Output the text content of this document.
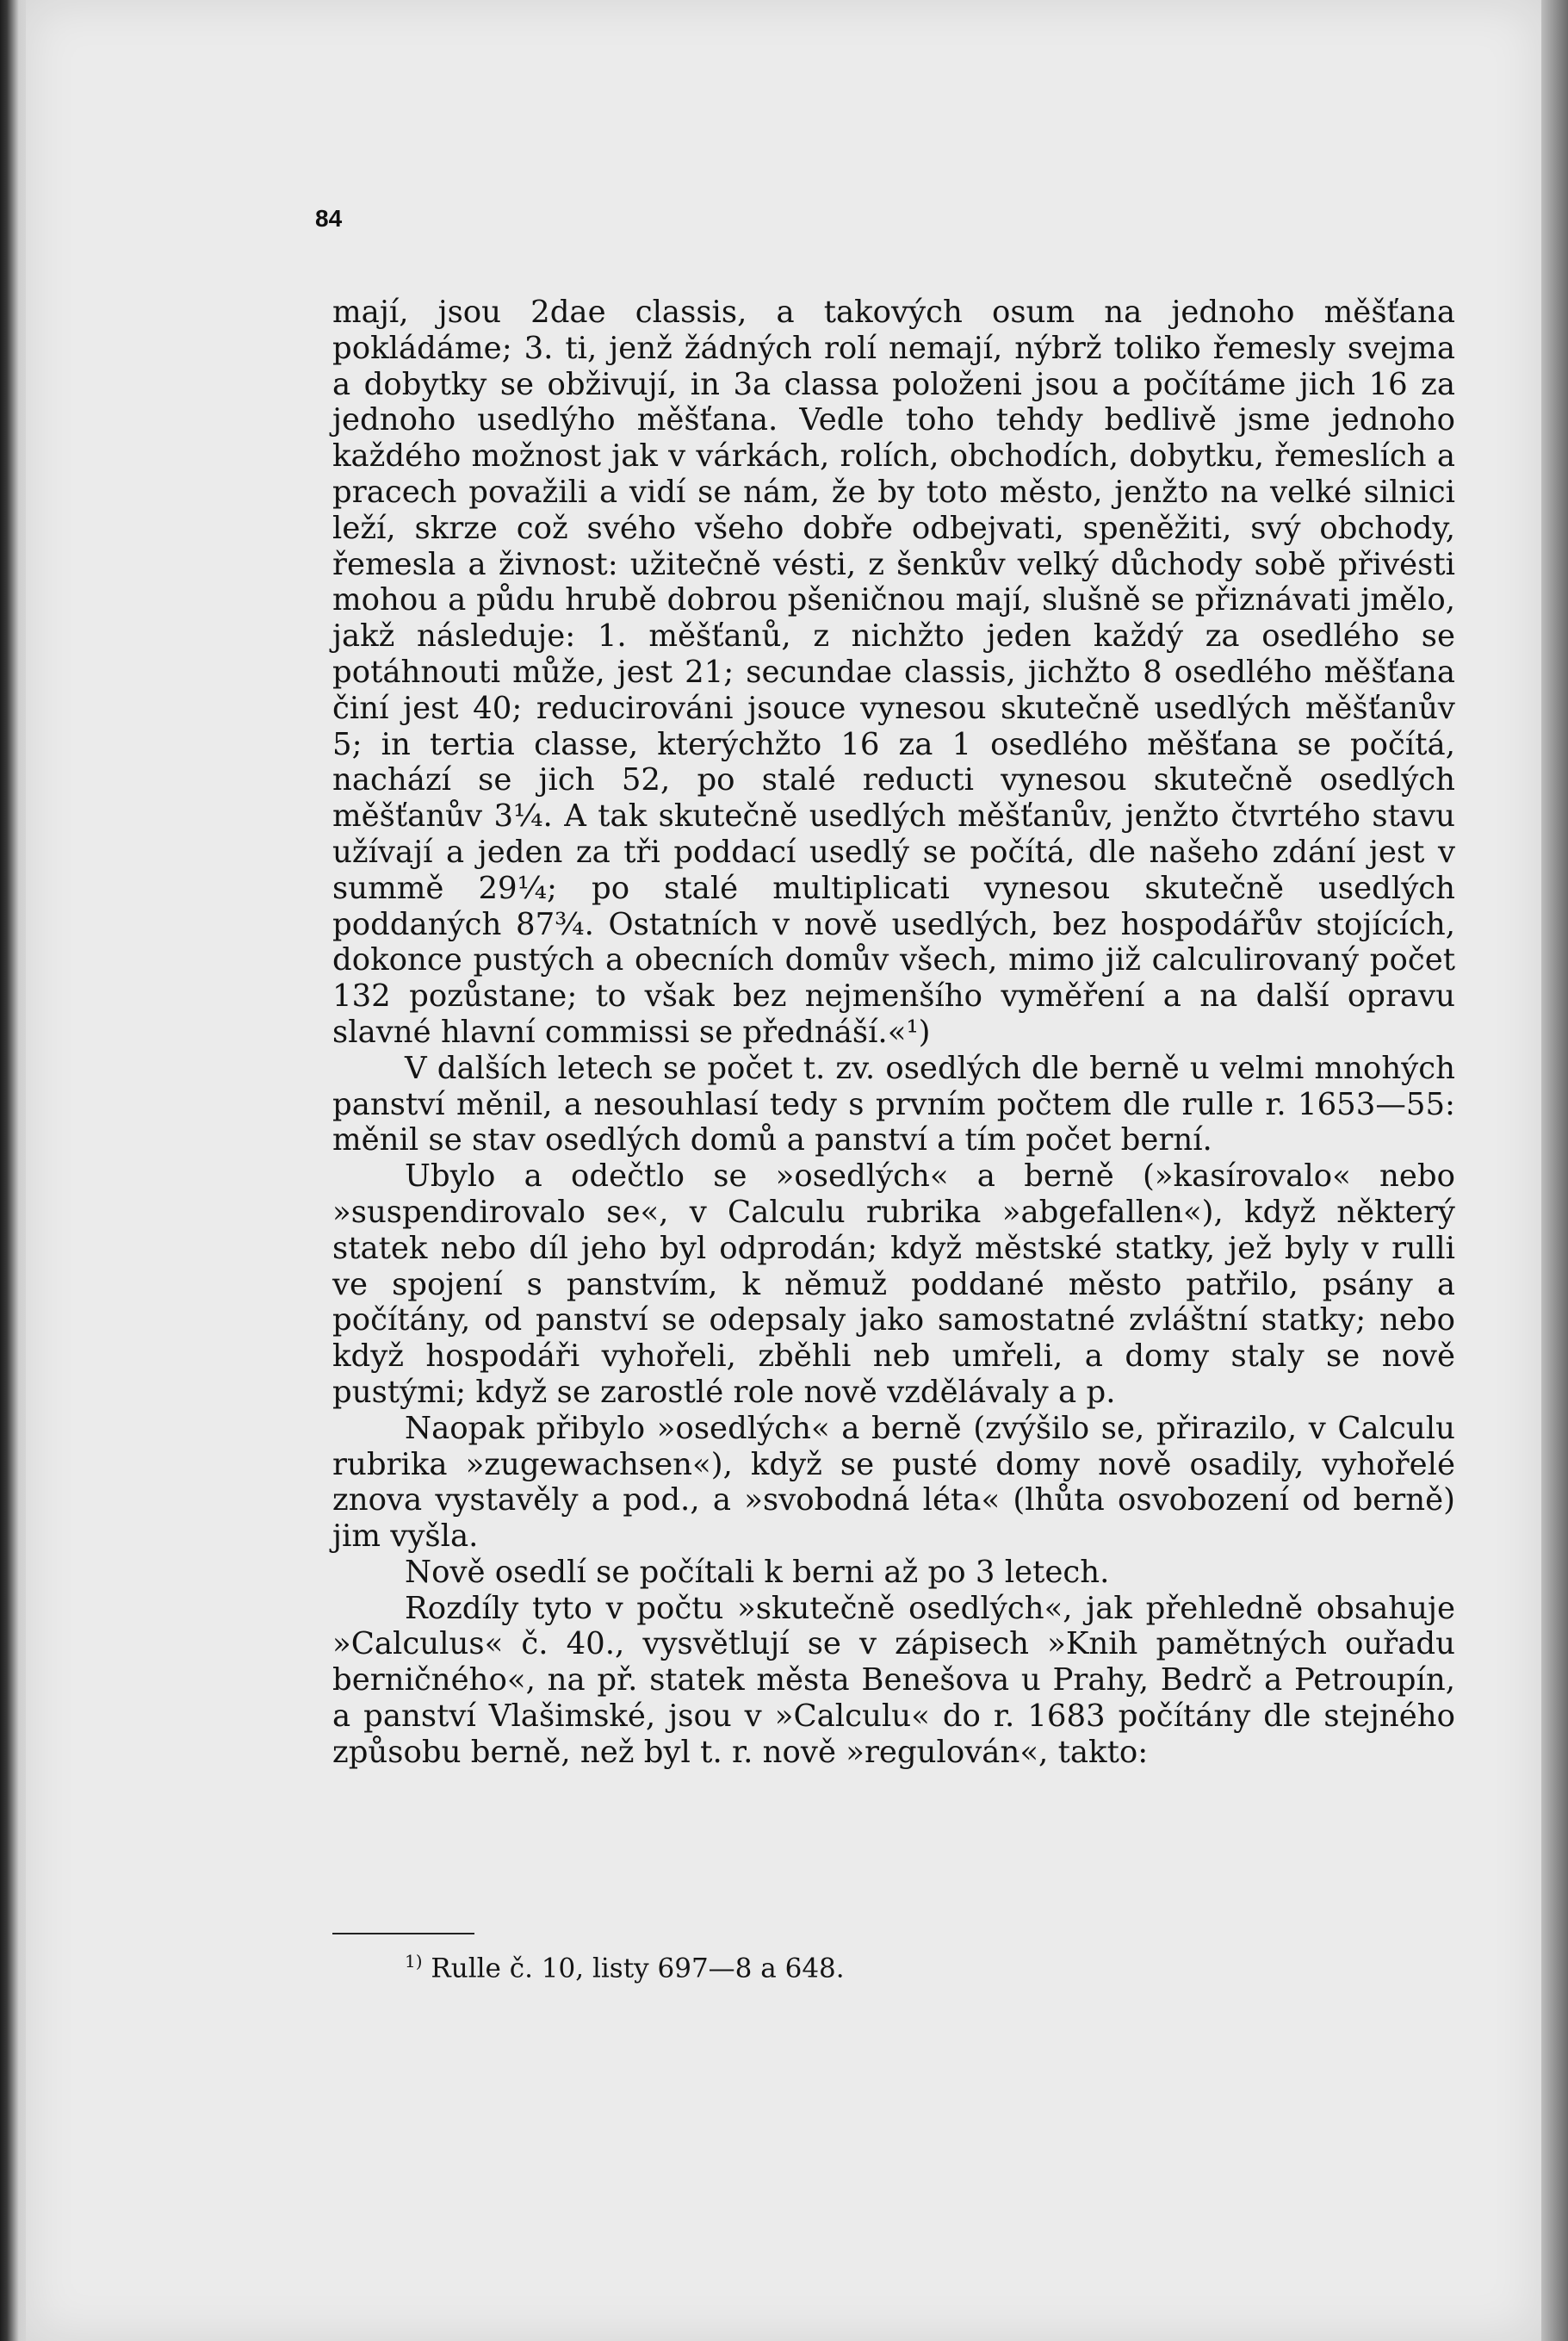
84

mají, jsou 2dae classis, a takových osum na jednoho měšťana pokládáme; 3. ti, jenž žádných rolí nemají, nýbrž toliko řemesly svejma a dobytky se obživují, in 3a classa položeni jsou a počítáme jich 16 za jednoho usedlýho měšťana. Vedle toho tehdy bedlivě jsme jednoho každého možnost jak v várkách, rolích, obchodích, dobytku, řemeslích a pracech považili a vidí se nám, že by toto město, jenžto na velké silnici leží, skrze což svého všeho dobře odbejvati, speněžiti, svý obchody, řemesla a živnost: užitečně vésti, z šenkův velký důchody sobě přivésti mohou a půdu hrubě dobrou pšeničnou mají, slušně se přiznávati jmělo, jakž následuje: 1. měšťanů, z nichžto jeden každý za osedlého se potáhnouti může, jest 21; secundae classis, jichžto 8 osedlého měšťana činí jest 40; reducirováni jsouce vynesou skutečně usedlých měšťanův 5; in tertia classe, kterýchžto 16 za 1 osedlého měšťana se počítá, nachází se jich 52, po stalé reducti vynesou skutečně osedlých měšťanův 3¼. A tak skutečně usedlých měšťanův, jenžto čtvrtého stavu užívají a jeden za tři poddací usedlý se počítá, dle našeho zdání jest v summě 29¼; po stalé multiplicati vynesou skutečně usedlých poddaných 87¾. Ostatních v nově usedlých, bez hospodářův stojících, dokonce pustých a obecních domův všech, mimo již calculirovaný počet 132 pozůstane; to však bez nejmenšího vyměření a na další opravu slavné hlavní commissi se přednáší.«¹)

V dalších letech se počet t. zv. osedlých dle berně u velmi mnohých panství měnil, a nesouhlasí tedy s prvním počtem dle rulle r. 1653—55: měnil se stav osedlých domů a panství a tím počet berní.

Ubylo a odečtlo se »osedlých« a berně (»kasírovalo« nebo »suspendirovalo se«, v Calculu rubrika »abgefallen«), když některý statek nebo díl jeho byl odprodán; když městské statky, jež byly v rulli ve spojení s panstvím, k němuž poddané město patřilo, psány a počítány, od panství se odepsaly jako samostatné zvláštní statky; nebo když hospodáři vyhořeli, zběhli neb umřeli, a domy staly se nově pustými; když se zarostlé role nově vzdělávaly a p.

Naopak přibylo »osedlých« a berně (zvýšilo se, přirazilo, v Calculu rubrika »zugewachsen«), když se pusté domy nově osadily, vyhořelé znova vystavěly a pod., a »svobodná léta« (lhůta osvobození od berně) jim vyšla.

Nově osedlí se počítali k berni až po 3 letech.

Rozdíly tyto v počtu »skutečně osedlých«, jak přehledně obsahuje »Calculus« č. 40., vysvětlují se v zápisech »Knih pamětných ouřadu berničného«, na př. statek města Benešova u Prahy, Bedrč a Petroupín, a panství Vlašimské, jsou v »Calculu« do r. 1683 počítány dle stejného způsobu berně, než byl t. r. nově »regulován«, takto:

$^{1)}$ Rulle č. 10, listy 697—8 a 648.
